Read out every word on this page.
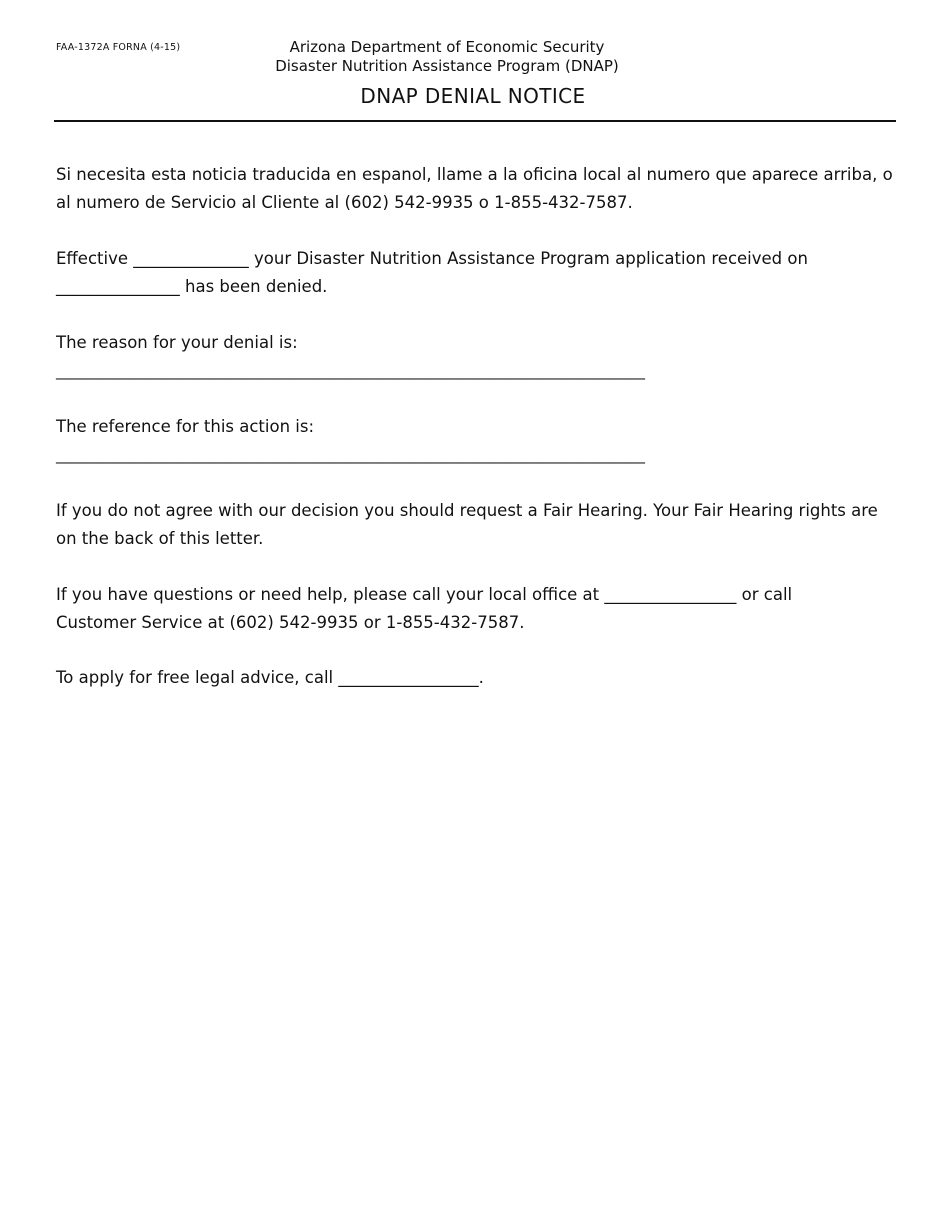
FAA-1372A FORNA (4-15)	Arizona Department of Economic Security
Disaster Nutrition Assistance Program (DNAP)
DNAP DENIAL NOTICE

Si necesita esta noticia traducida en espanol, llame a la oficina local al numero que aparece arriba, o al numero de Servicio al Cliente al (602) 542-9935 o 1-855-432-7587.

Effective ______________ your Disaster Nutrition Assistance Program application received on
_______________ has been denied.

The reason for your denial is:

____________________________________________________________________________

The reference for this action is:

____________________________________________________________________________

If you do not agree with our decision you should request a Fair Hearing. Your Fair Hearing rights are on the back of this letter.

If you have questions or need help, please call your local office at ________________ or call
Customer Service at (602) 542-9935 or 1-855-432-7587.

To apply for free legal advice, call _________________.
